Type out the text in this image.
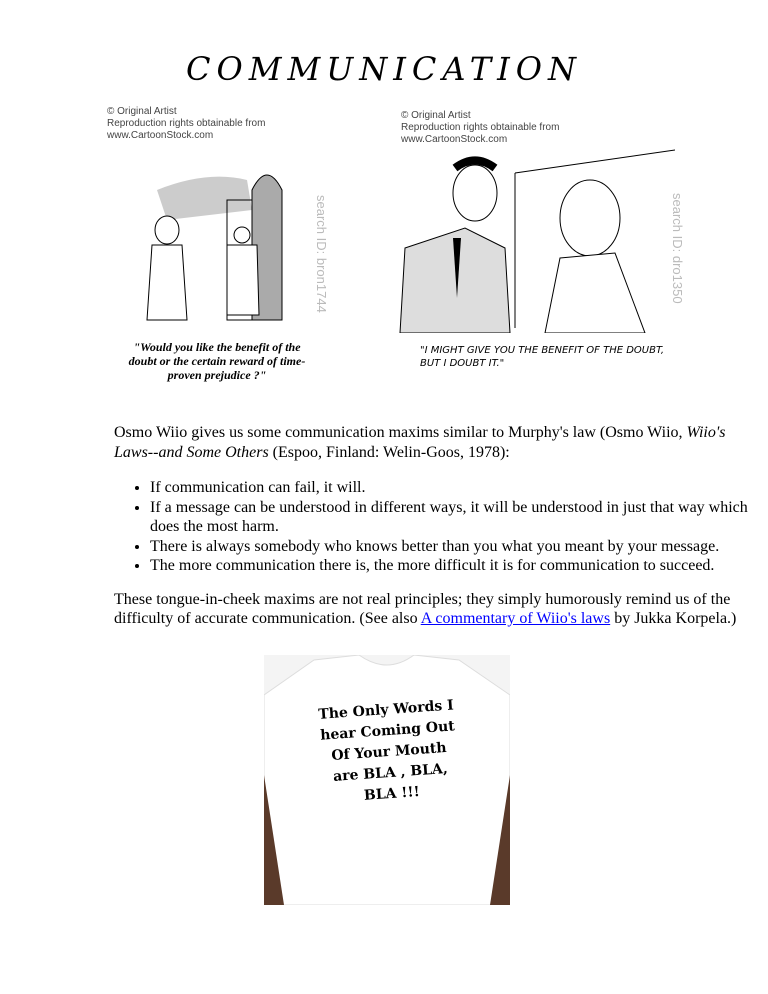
COMMUNICATION
© Original Artist
Reproduction rights obtainable from
www.CartoonStock.com
search ID: bron1744
"Would you like the benefit of the doubt or the certain reward of time-proven prejudice ?"
© Original Artist
Reproduction rights obtainable from
www.CartoonStock.com
search ID: dro1350
"I MIGHT GIVE YOU THE BENEFIT OF THE DOUBT, BUT I DOUBT IT."

Osmo Wiio gives us some communication maxims similar to Murphy's law (Osmo Wiio, Wiio's Laws--and Some Others (Espoo, Finland: Welin-Goos, 1978):

• If communication can fail, it will.
• If a message can be understood in different ways, it will be understood in just that way which does the most harm.
• There is always somebody who knows better than you what you meant by your message.
• The more communication there is, the more difficult it is for communication to succeed.

These tongue-in-cheek maxims are not real principles; they simply humorously remind us of the difficulty of accurate communication. (See also A commentary of Wiio's laws by Jukka Korpela.)

The Only Words I hear Coming Out Of Your Mouth are BLA , BLA, BLA !!!
